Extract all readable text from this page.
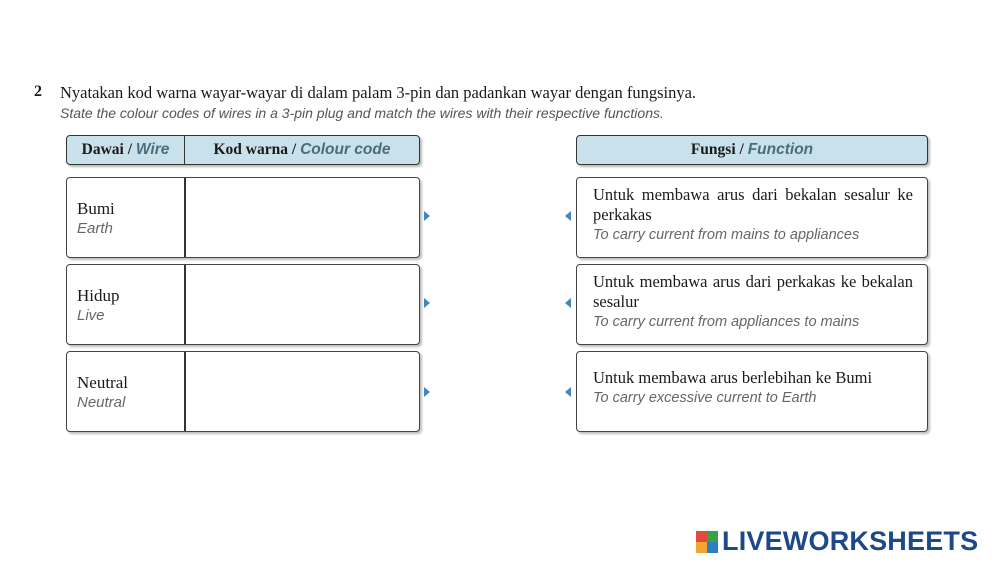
2 Nyatakan kod warna wayar-wayar di dalam palam 3-pin dan padankan wayar dengan fungsinya.
State the colour codes of wires in a 3-pin plug and match the wires with their respective functions.
Dawai /
Wire	Kod warna /
Colour code	Fungsi /
Function
Bumi
Earth
Hidup
Live
Neutral
Neutral
Untuk membawa arus dari bekalan sesalur ke perkakas
To carry current from mains to appliances
Untuk membawa arus dari perkakas ke bekalan sesalur
To carry current from appliances to mains
Untuk membawa arus berlebihan ke Bumi
To carry excessive current to Earth
LIVEWORKSHEETS
